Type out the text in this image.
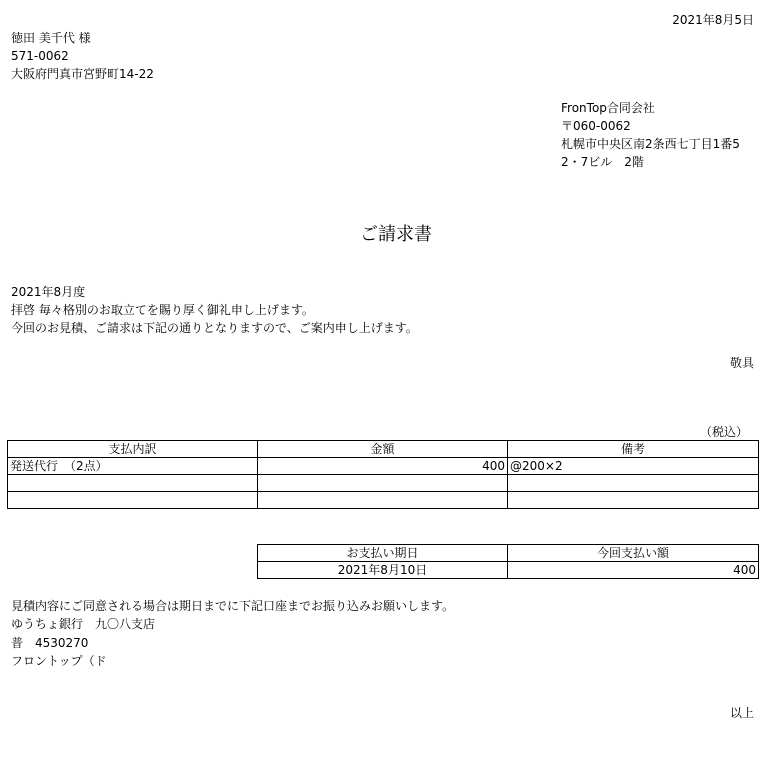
2021年8月5日
徳田 美千代 様
571-0062
大阪府門真市宮野町14-22
FronTop合同会社
〒060-0062
札幌市中央区南2条西七丁目1番5
2・7ビル　2階
ご請求書
2021年8月度
拝啓 毎々格別のお取立てを賜り厚く御礼申し上げます。
今回のお見積、ご請求は下記の通りとなりますので、ご案内申し上げます。
敬具
（税込）
支払内訳	金額	備考
発送代行　（2点）	400	@200×2

お支払い期日	今回支払い額
2021年8月10日	400
見積内容にご同意される場合は期日までに下記口座までお振り込みお願いします。
ゆうちょ銀行　九〇八支店
普　4530270
フロントップ（ド
以上
